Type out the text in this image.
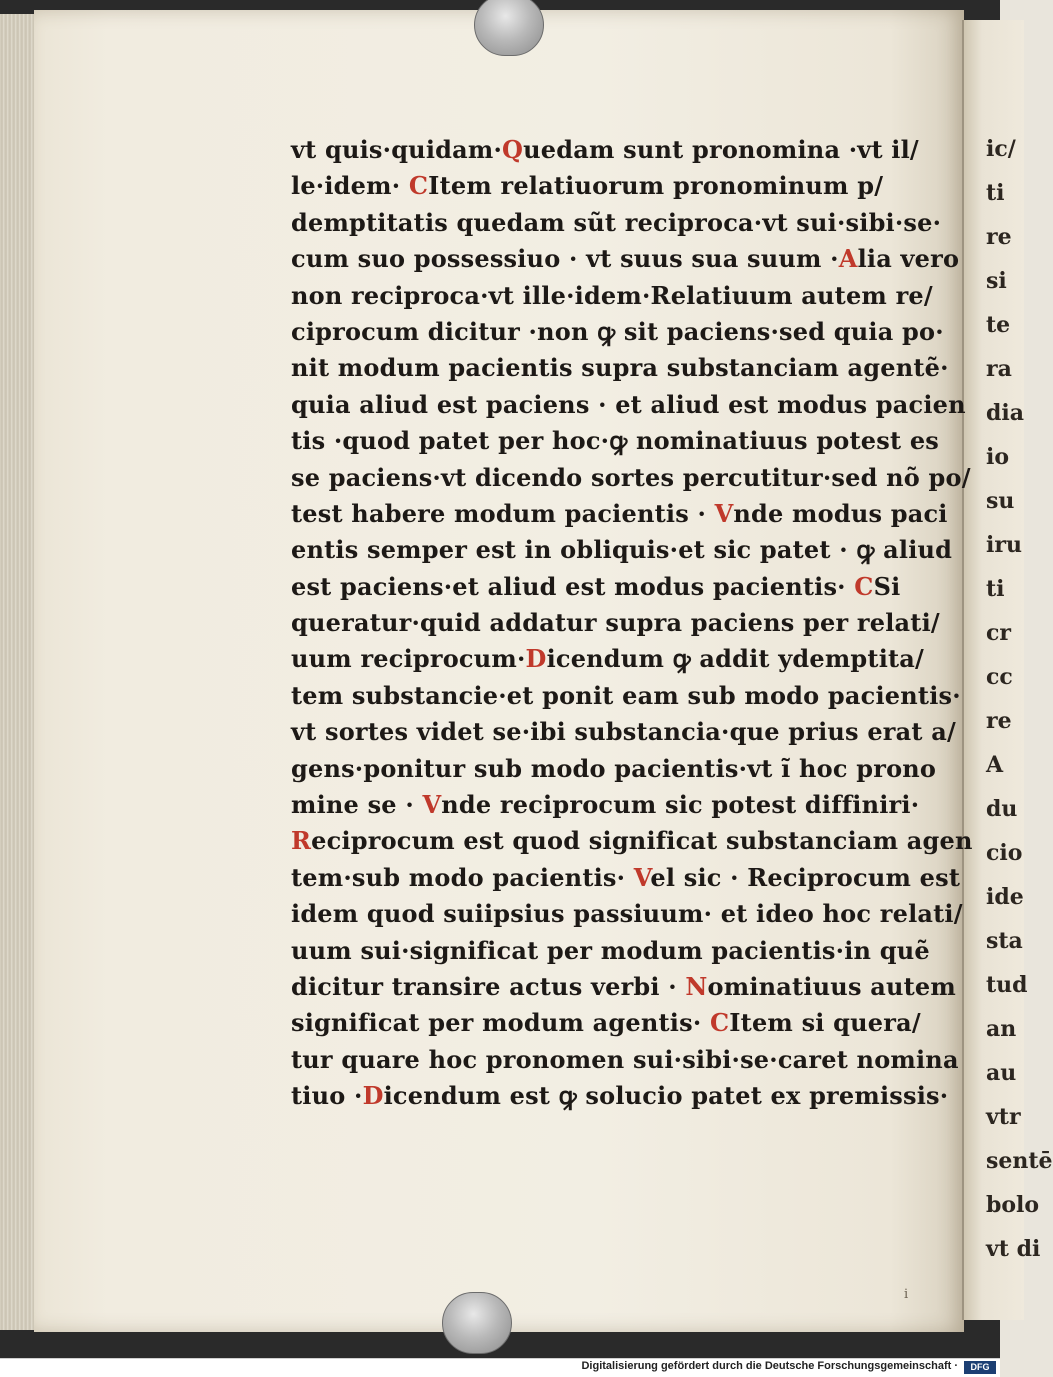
ic/
ti
re
si
te
ra
dia
io
su
iru
ti
cr
cc
re
A
du
cio
ide
sta
tud
an
au
vtr
sentē
bolo
vt di
vt quis·quidam·Quedam sunt pronomina ·vt il/
le·idem· CItem relatiuorum pronominum p/
demptitatis quedam sũt reciproca·vt sui·sibi·se·
cum suo possessiuo · vt suus sua suum ·Alia vero
non reciproca·vt ille·idem·Relatiuum autem re/
ciprocum dicitur ·non ꝙ sit paciens·sed quia po·
nit modum pacientis supra substanciam agentẽ·
quia aliud est paciens · et aliud est modus pacien
tis ·quod patet per hoc·ꝙ nominatiuus potest es
se paciens·vt dicendo sortes percutitur·sed nõ po/
test habere modum pacientis · Vnde modus paci
entis semper est in obliquis·et sic patet · ꝙ aliud
est paciens·et aliud est modus pacientis· CSi
queratur·quid addatur supra paciens per relati/
uum reciprocum·Dicendum ꝙ addit ydemptita/
tem substancie·et ponit eam sub modo pacientis·
vt sortes videt se·ibi substancia·que prius erat a/
gens·ponitur sub modo pacientis·vt ĩ hoc prono
mine se · Vnde reciprocum sic potest diffiniri·
Reciprocum est quod significat substanciam agen
tem·sub modo pacientis· Vel sic · Reciprocum est
idem quod suiipsius passiuum· et ideo hoc relati/
uum sui·significat per modum pacientis·in quẽ
dicitur transire actus verbi · Nominatiuus autem
significat per modum agentis· CItem si quera/
tur quare hoc pronomen sui·sibi·se·caret nomina
tiuo ·Dicendum est ꝙ solucio patet ex premissis·
i
Digitalisierung gefördert durch die Deutsche Forschungsgemeinschaft ·	DFG
